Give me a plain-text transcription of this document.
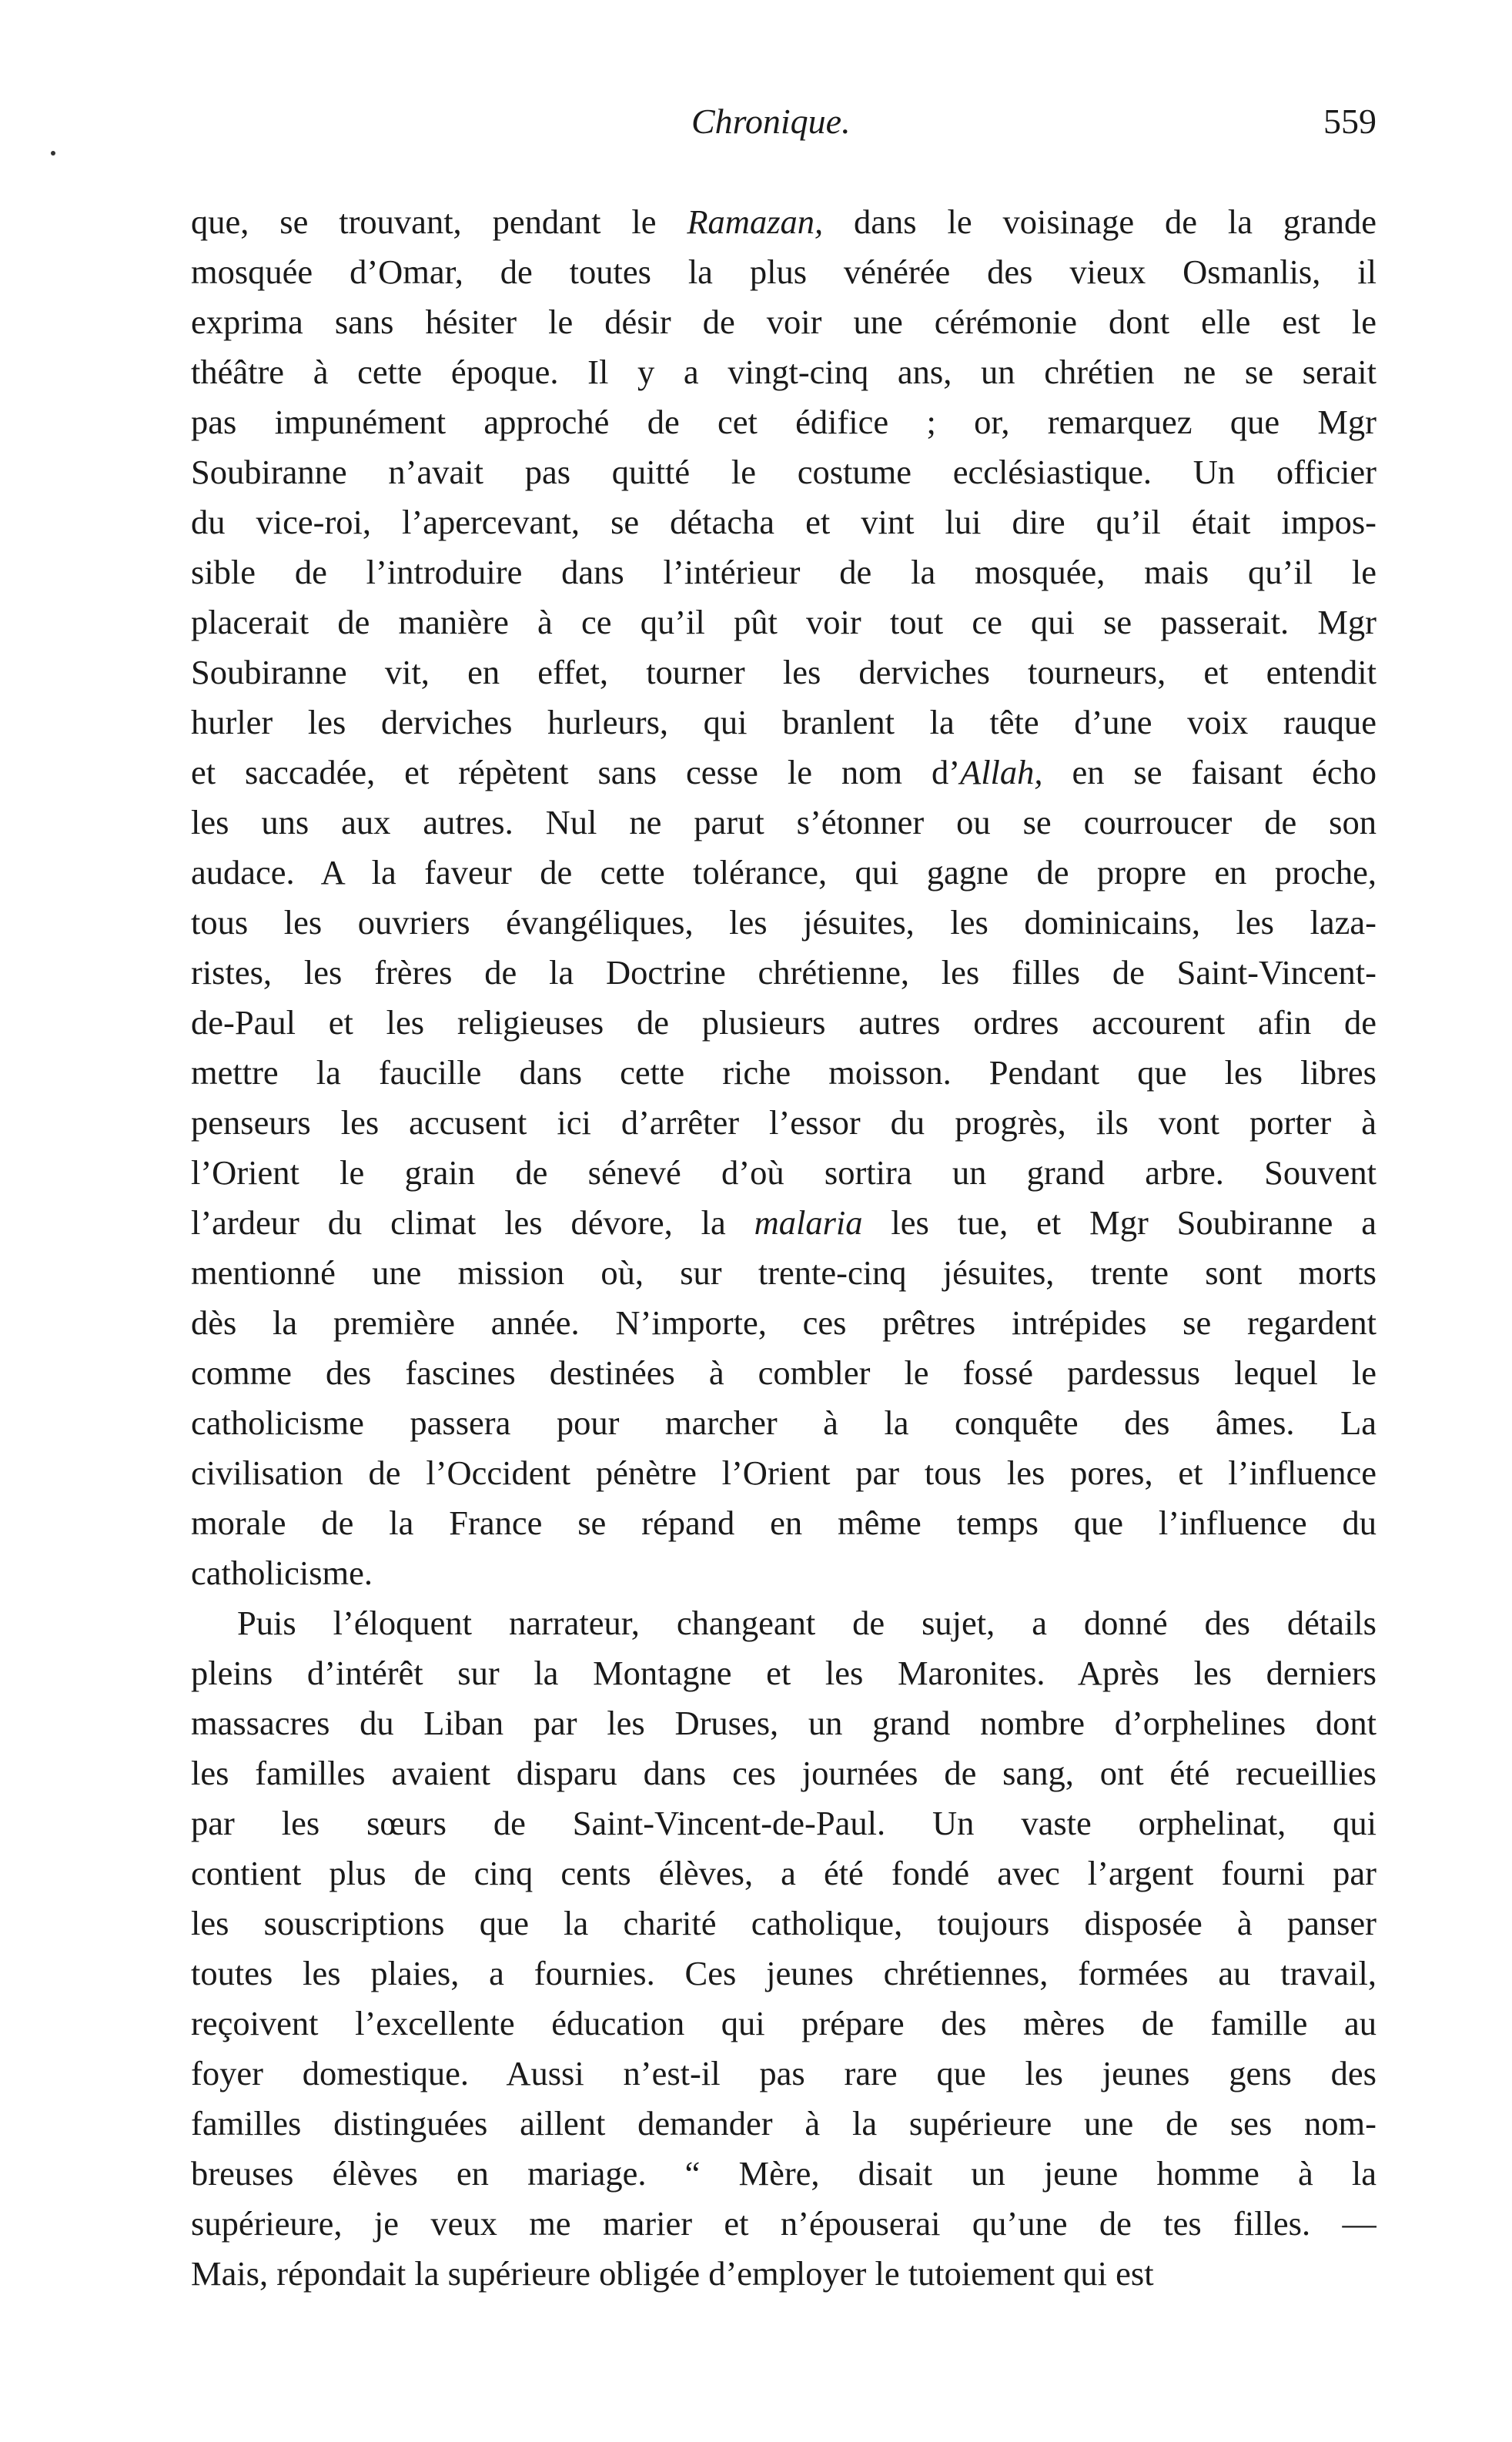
Chronique.	559
que, se trouvant, pendant le Ramazan, dans le voisinage de la grande
mosquée d’Omar, de toutes la plus vénérée des vieux Osmanlis, il
exprima sans hésiter le désir de voir une cérémonie dont elle est le
théâtre à cette époque. Il y a vingt-cinq ans, un chrétien ne se serait
pas impunément approché de cet édifice ; or, remarquez que Mgr
Soubiranne n’avait pas quitté le costume ecclésiastique. Un officier
du vice-roi, l’apercevant, se détacha et vint lui dire qu’il était impos-
sible de l’introduire dans l’intérieur de la mosquée, mais qu’il le
placerait de manière à ce qu’il pût voir tout ce qui se passerait. Mgr
Soubiranne vit, en effet, tourner les derviches tourneurs, et entendit
hurler les derviches hurleurs, qui branlent la tête d’une voix rauque
et saccadée, et répètent sans cesse le nom d’Allah, en se faisant écho
les uns aux autres. Nul ne parut s’étonner ou se courroucer de son
audace. A la faveur de cette tolérance, qui gagne de propre en proche,
tous les ouvriers évangéliques, les jésuites, les dominicains, les laza-
ristes, les frères de la Doctrine chrétienne, les filles de Saint-Vincent-
de-Paul et les religieuses de plusieurs autres ordres accourent afin de
mettre la faucille dans cette riche moisson. Pendant que les libres
penseurs les accusent ici d’arrêter l’essor du progrès, ils vont porter à
l’Orient le grain de sénevé d’où sortira un grand arbre. Souvent
l’ardeur du climat les dévore, la malaria les tue, et Mgr Soubiranne a
mentionné une mission où, sur trente-cinq jésuites, trente sont morts
dès la première année. N’importe, ces prêtres intrépides se regardent
comme des fascines destinées à combler le fossé pardessus lequel le
catholicisme passera pour marcher à la conquête des âmes. La
civilisation de l’Occident pénètre l’Orient par tous les pores, et l’influence
morale de la France se répand en même temps que l’influence du
catholicisme.
Puis l’éloquent narrateur, changeant de sujet, a donné des détails
pleins d’intérêt sur la Montagne et les Maronites. Après les derniers
massacres du Liban par les Druses, un grand nombre d’orphelines dont
les familles avaient disparu dans ces journées de sang, ont été recueillies
par les sœurs de Saint-Vincent-de-Paul. Un vaste orphelinat, qui
contient plus de cinq cents élèves, a été fondé avec l’argent fourni par
les souscriptions que la charité catholique, toujours disposée à panser
toutes les plaies, a fournies. Ces jeunes chrétiennes, formées au travail,
reçoivent l’excellente éducation qui prépare des mères de famille au
foyer domestique. Aussi n’est-il pas rare que les jeunes gens des
familles distinguées aillent demander à la supérieure une de ses nom-
breuses élèves en mariage. “ Mère, disait un jeune homme à la
supérieure, je veux me marier et n’épouserai qu’une de tes filles. —
Mais, répondait la supérieure obligée d’employer le tutoiement qui est
